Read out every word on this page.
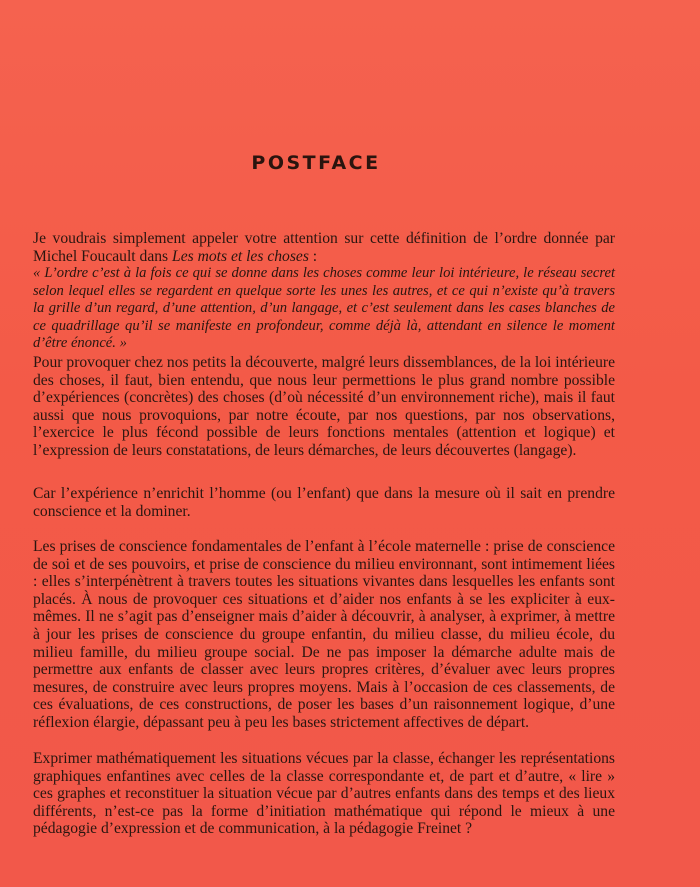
POSTFACE

Je voudrais simplement appeler votre attention sur cette définition de l’ordre donnée par Michel Foucault dans Les mots et les choses :

« L’ordre c’est à la fois ce qui se donne dans les choses comme leur loi intérieure, le réseau secret selon lequel elles se regardent en quelque sorte les unes les autres, et ce qui n’existe qu’à travers la grille d’un regard, d’une attention, d’un langage, et c’est seulement dans les cases blanches de ce quadrillage qu’il se manifeste en profondeur, comme déjà là, attendant en silence le moment d’être énoncé. »

Pour provoquer chez nos petits la découverte, malgré leurs dissemblances, de la loi intérieure des choses, il faut, bien entendu, que nous leur permettions le plus grand nombre possible d’expériences (concrètes) des choses (d’où nécessité d’un environnement riche), mais il faut aussi que nous provoquions, par notre écoute, par nos questions, par nos observations, l’exercice le plus fécond possible de leurs fonctions mentales (attention et logique) et l’expression de leurs constatations, de leurs démarches, de leurs découvertes (langage).

Car l’expérience n’enrichit l’homme (ou l’enfant) que dans la mesure où il sait en prendre conscience et la dominer.

Les prises de conscience fondamentales de l’enfant à l’école maternelle : prise de conscience de soi et de ses pouvoirs, et prise de conscience du milieu environnant, sont intimement liées : elles s’interpénètrent à travers toutes les situations vivantes dans lesquelles les enfants sont placés. À nous de provoquer ces situations et d’aider nos enfants à se les expliciter à eux-mêmes. Il ne s’agit pas d’enseigner mais d’aider à découvrir, à analyser, à exprimer, à mettre à jour les prises de conscience du groupe enfantin, du milieu classe, du milieu école, du milieu famille, du milieu groupe social. De ne pas imposer la démarche adulte mais de permettre aux enfants de classer avec leurs propres critères, d’évaluer avec leurs propres mesures, de construire avec leurs propres moyens. Mais à l’occasion de ces classements, de ces évaluations, de ces constructions, de poser les bases d’un raisonnement logique, d’une réflexion élargie, dépassant peu à peu les bases strictement affectives de départ.

Exprimer mathématiquement les situations vécues par la classe, échanger les représentations graphiques enfantines avec celles de la classe correspondante et, de part et d’autre, « lire » ces graphes et reconstituer la situation vécue par d’autres enfants dans des temps et des lieux différents, n’est-ce pas la forme d’initiation mathématique qui répond le mieux à une pédagogie d’expression et de communication, à la pédagogie Freinet ?
